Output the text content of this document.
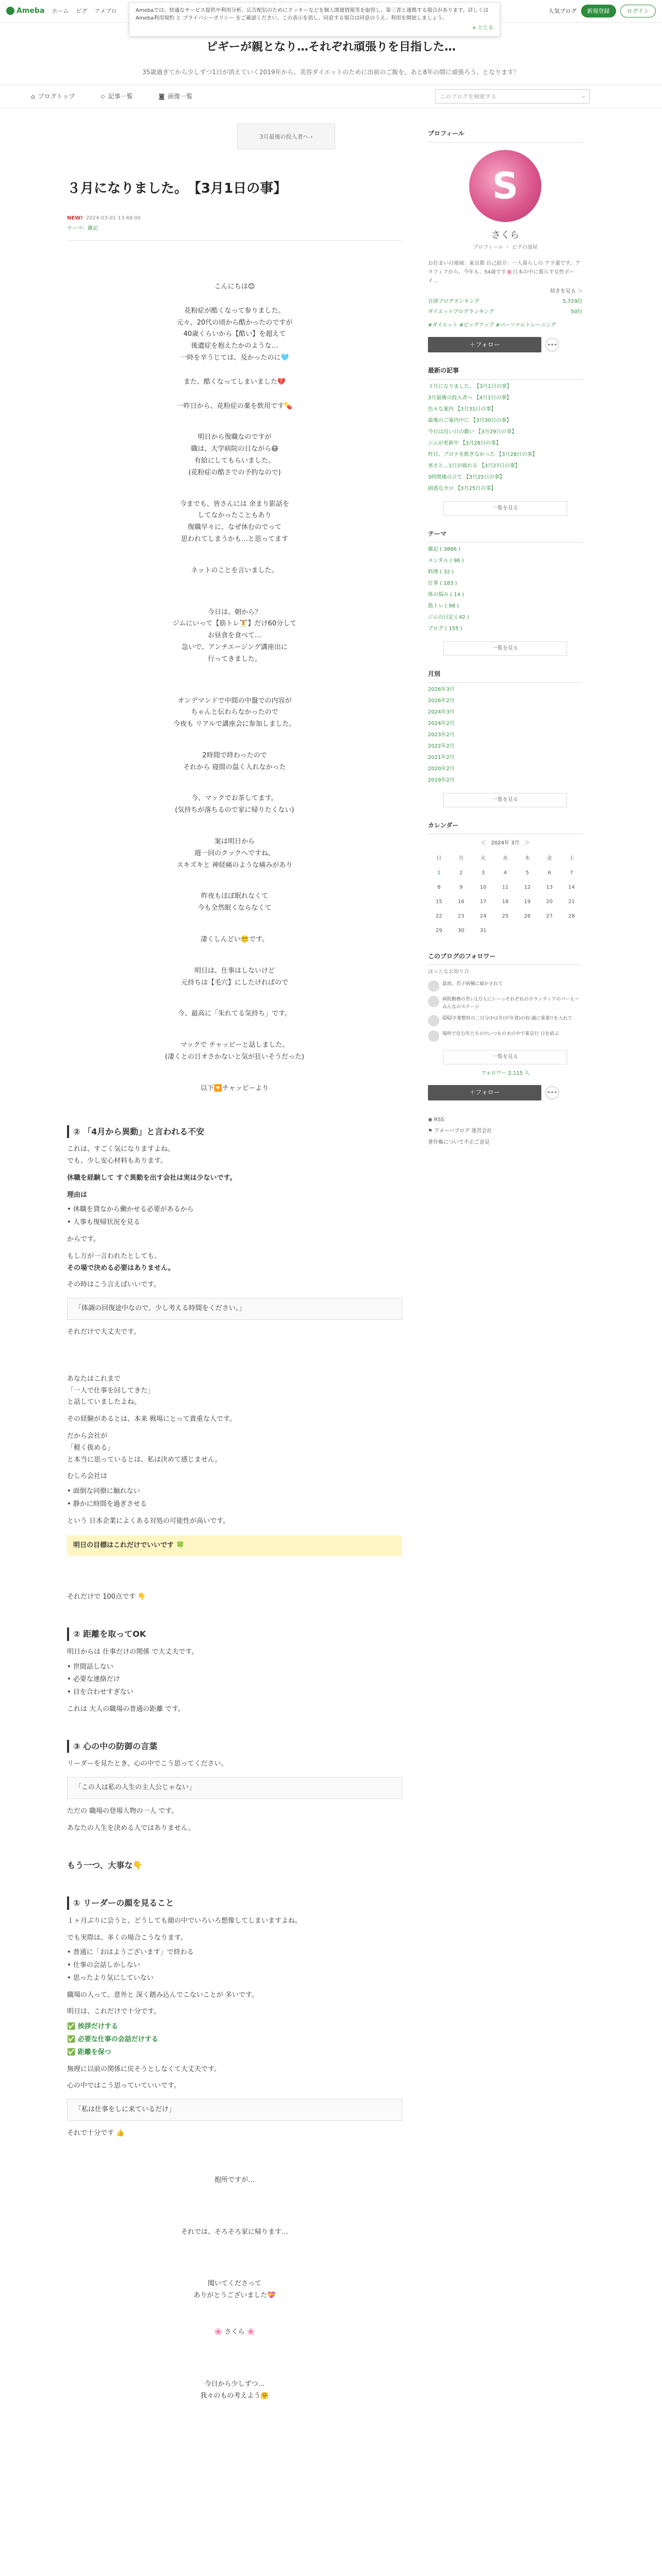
Ameba ホーム ピグ アメブロ	人気ブログ	新規登録	ログイン
Amebaでは、快適なサービス提供や利用分析、広告配信のためにクッキーなどを個人関連情報等を取得し、第三者と連携する場合があります。詳しくは Ameba利用規約 と プライバシーポリシー をご確認ください。この表示を消し、同意する場合は同意のうえ、利用を開始しましょう。
× とじる
ピギーが親となり…それぞれ頑張りを目指した…
35歳過ぎてから少しずつ1日が消えていく2019年から。美容ダイエットのために出前のご飯を、あと8年の間に頑張ろう、となります！
⌂ ブログトップ	⬦ 記事一覧	◙ 画像一覧	このブログを検索する	⌕
3月最後の投入者へ
›
３月になりました。　【3月1日の事】
NEW! 2024-03-01 13:48:00
テーマ：雑記

こんにちは😊

花粉症が酷くなって参りました。

元々、20代の頃から酷かったのですが

40歳くらいから【酷い】を超えて

後遺症を抱えたかのような…

一時を辛うじては、及かったのに🩵

また、酷くなってしまいました💔

一昨日から、花粉症の薬を飲用です💊

明日から復職なのですが

職は、大学病院の日ながら😷

有給にしてもらいました。

(花粉症の酷さでの予約なので)

今までも、皆さんには 余まり影話を

してなかったこともあり

復職早々に、なぜ休むのでって

思われてしまうかも…と思ってます

ネットのことを言いました。

今日は、朝から？

ジムにいって【筋トレ🏋️】だけ60分して

お昼食を食べて…

急いで、アンチエージング講座出に

行ってきました。

オンデマンドで中間の中盤での内容が

ちゃんと伝わらなかったので

今夜も リアルで講座会に参加しました。

2時間で終わったので

それから 寝間の温く入れなかった

今、マックでお茶してます。

(気持ちが落ちるので家に帰りたくない)

案は明日から

週一回のクックへですね。

スキズキと 神経痛のような痛みがあり

昨夜もほぼ眠れなくて

今も全然眠くならなくて

凄くしんどい😵‍💫です。

明日は、仕事はしないけど

元持ちは【毛穴】にしたければので

今、最高に「朱れてる気持ち」です。

マックで チャッピーと話しました。

(凄くとの日オさかないと気が狂いそうだった)

以下🔽チャッピーより

② 「4月から異動」と言われる不安

これは、すごく気になりますよね。

でも、少し安心材料もあります。

休職を経験して すぐ異動を出す会社は実は少ないです。

理由は

• 休職を貸なから働かせる必要があるから
• 人事も復帰状況を見る

からです。

もし万が一言われたとしても、

その場で決める必要はありません。

その時はこう言えばいいです。

「体調の回復途中なので、少し考える時間をください。」

それだけで大丈夫です。

あなたはこれまで

「一人で仕事を回してきた」

と話していましたよね。

その経験があるとは、本来 戦場にとって貴重な人です。

だから会社が

「軽く扱める」

と本当に思っているとは、私は決めて感じません。

むしろ会社は

• 面倒な同僚に触れない
• 静かに時間を過ぎさせる

という 日本企業によくある対処の可能性が高いです。

明日の目標はこれだけでいいです 🍀

それだけで 100点です 👇

② 距離を取ってOK

明日からは 仕事だけの関係 で大丈夫です。

• 世間話しない
• 必要な連絡だけ
• 目を合わせすぎない

これは 大人の職場の普通の距離 です。

③ 心の中の防御の言葉

リーダーを見たとき、心の中でこう思ってください。

「この人は私の人生の主人公じゃない」

ただの 職場の登場人物の一人 です。

あなたの人生を決める人ではありません。

もう一つ、大事な👇
① リーダーの顔を見ること

１ヶ月ぶりに会うと、どうしても顔の中でいろいろ想像してしまいますよね。

でも実際は、多くの場合こうなります。

• 普通に「おはようございます」で終わる
• 仕事の会話しかしない
• 思ったより気にしていない

職場の人って、意外と 深く踏み込んでこないことが 多いです。

明日は、これだけで十分です。

✅ 挨拶だけする
✅ 必要な仕事の会話だけする
✅ 距離を保つ

無理に以前の関係に戻そうとしなくて大丈夫です。

心の中ではこう思っていていいです。

「私は仕事をしに来ているだけ」

それで十分です 👍

抱所ですが…

それでは、そろそろ家に帰ります…

聞いてくださって

ありがとうございました💝

🌸 さくら 🌸

今日から少しずつ…

我々のもの考えよう🤗

プロフィール
S
さくら
プロフィール ・ ピグの部屋
お住まいの地域：東京都 自己紹介：一人暮らしの アラ還です。アラフィフから、今年も、54歳です🌸日本の中に暮らす女性ボーイ…
続きを見る ＞
自律ブログランキング	5,729位
ダイエットブログランキング	50位
#ダイエット #ピッグアップ #パーソナルトレーニング
＋フォロー	•••
最新の記事
３月になりました。　【3月1日の事】
3月最後の投入者へ 【4月1日の事】
色々な案内 【3月31日の事】
最後のご案内中に 【3月30日の事】
今日は良い日の勤い 【3月29日の事】
ジムが更新中 【3月28日の事】
昨日、プロテを飲ぎなかった 【3月28日の事】
寒さと…1日が疲れる 【3月27日の事】
3時間後の立て 【3月25日の事】
困惑なカロ 【3月25日の事】
一覧を見る
テーマ
雑記 ( 3886 )
メンタル ( 96 )
料理 ( 32 )
仕事 ( 183 )
体の悩み ( 14 )
筋トレ ( 98 )
ジムの日記 ( 42 )
ブログ ( 155 )
一覧を見る
月別
2026年3月
2026年2月
2024年3月
2024年2月
2023年2月
2022年2月
2021年2月
2020年2月
2019年2月
一覧を見る
カレンダー
＜ 2024年 3月 ＞
日	月	火	水	木	金	土
1	2	3	4	5	6	7
8	9	10	11	12	13	14
15	16	17	18	19	20	21
22	23	24	25	26	27	28
29	30	31				
このブログのフォロワー
ほっとなお知り合
最高、若子病棟に寝かされて
病院勤務の若い1万人にシーっそれぞれのボランティアのパーん〜みんなのステージ
🐱🐱卒業整形の二日分中は年(中年食)の奴 誠に重要!!を入れて
場所で住む年たちの!!いつもの木の中で東京行 日を結ぶ
一覧を見る
フォロワー 2,115 人
＋フォロー	•••
◉ RSS
⚑ アメーバブログ 運営会社
著作権について不正ご意見
